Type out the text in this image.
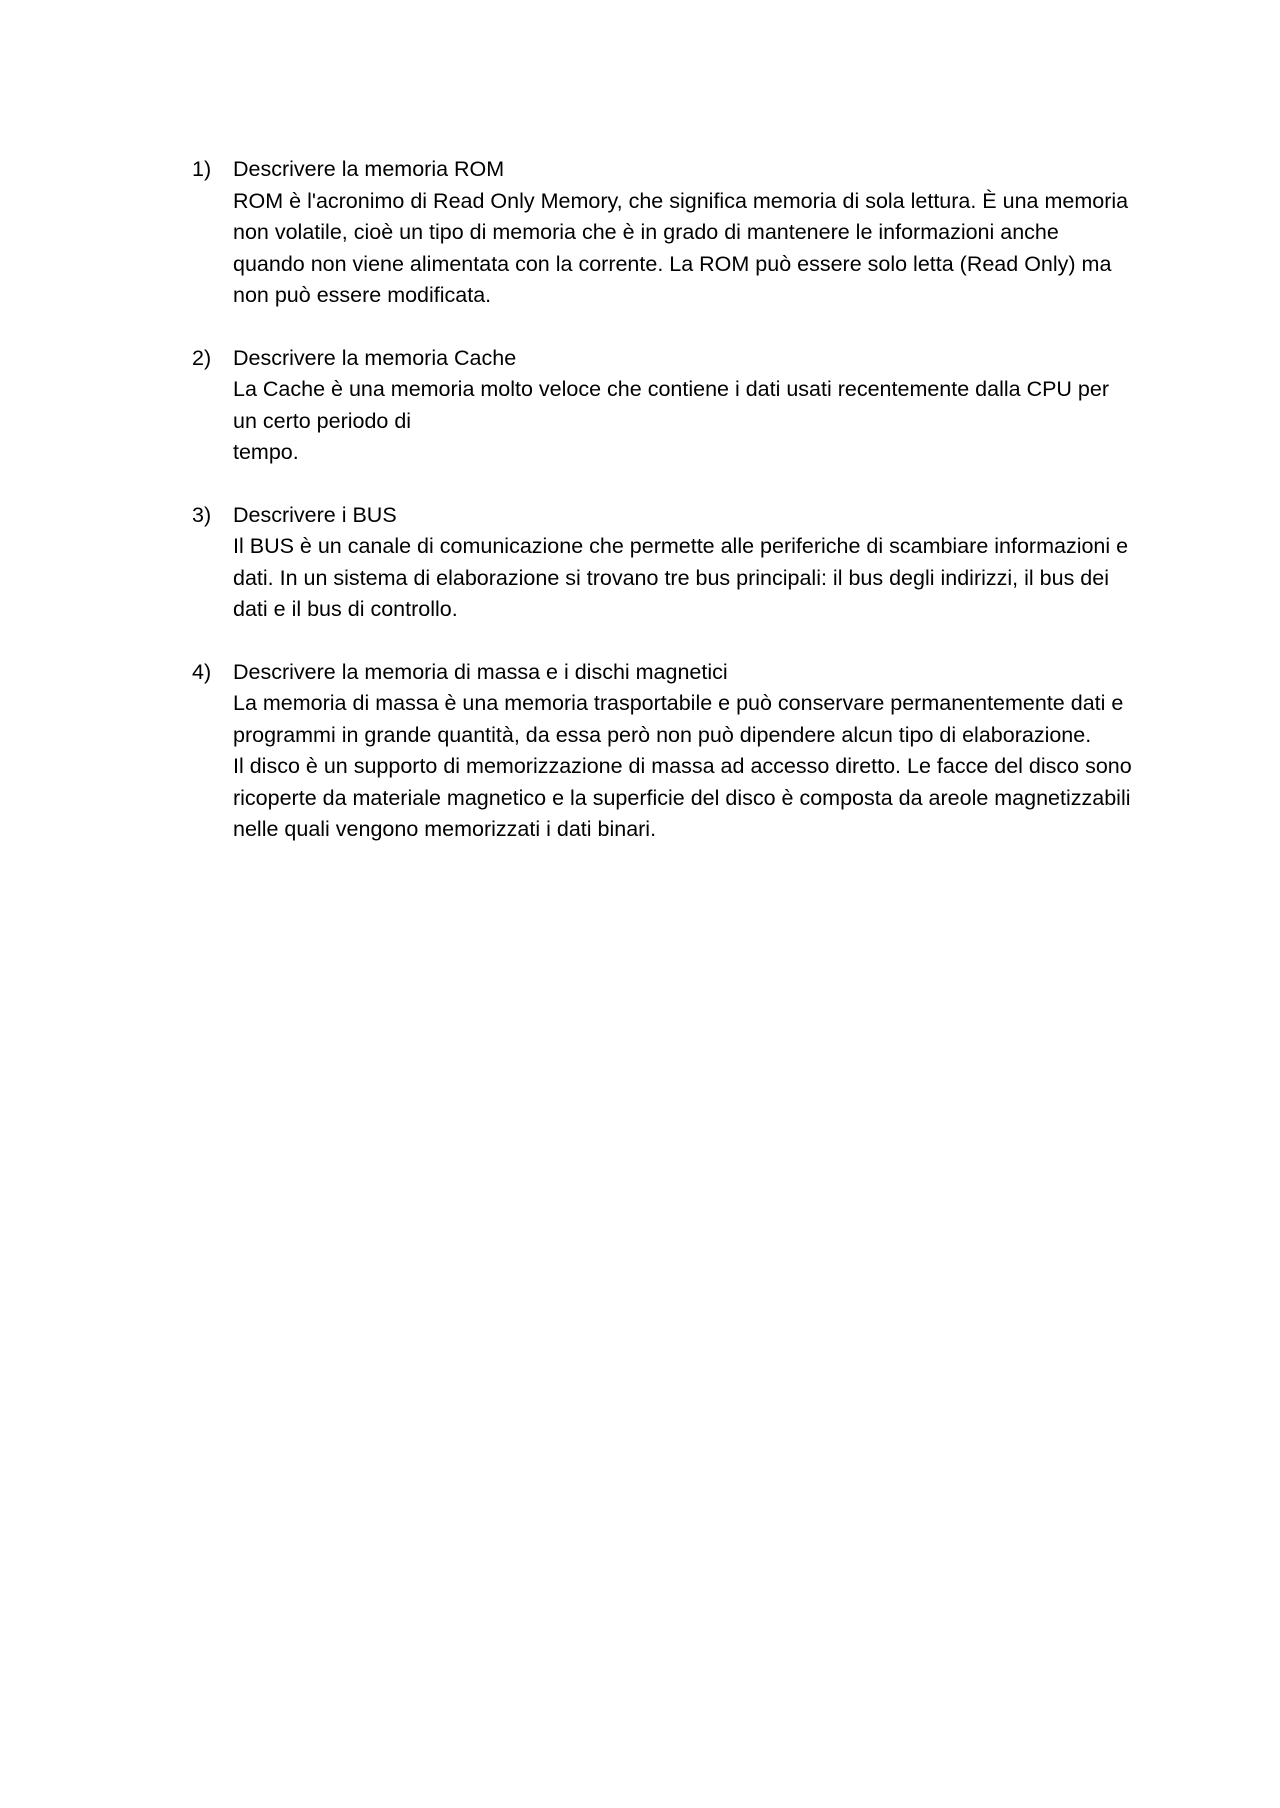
1) Descrivere la memoria ROM

ROM è l'acronimo di Read Only Memory, che significa memoria di sola lettura. È una memoria non volatile, cioè un tipo di memoria che è in grado di mantenere le informazioni anche quando non viene alimentata con la corrente. La ROM può essere solo letta (Read Only) ma non può essere modificata.

2) Descrivere la memoria Cache

La Cache è una memoria molto veloce che contiene i dati usati recentemente dalla CPU per un certo periodo di

tempo.

3) Descrivere i BUS

Il BUS è un canale di comunicazione che permette alle periferiche di scambiare informazioni e dati. In un sistema di elaborazione si trovano tre bus principali: il bus degli indirizzi, il bus dei dati e il bus di controllo.

4) Descrivere la memoria di massa e i dischi magnetici

La memoria di massa è una memoria trasportabile e può conservare permanentemente dati e programmi in grande quantità, da essa però non può dipendere alcun tipo di elaborazione.

Il disco è un supporto di memorizzazione di massa ad accesso diretto. Le facce del disco sono ricoperte da materiale magnetico e la superficie del disco è composta da areole magnetizzabili nelle quali vengono memorizzati i dati binari.
